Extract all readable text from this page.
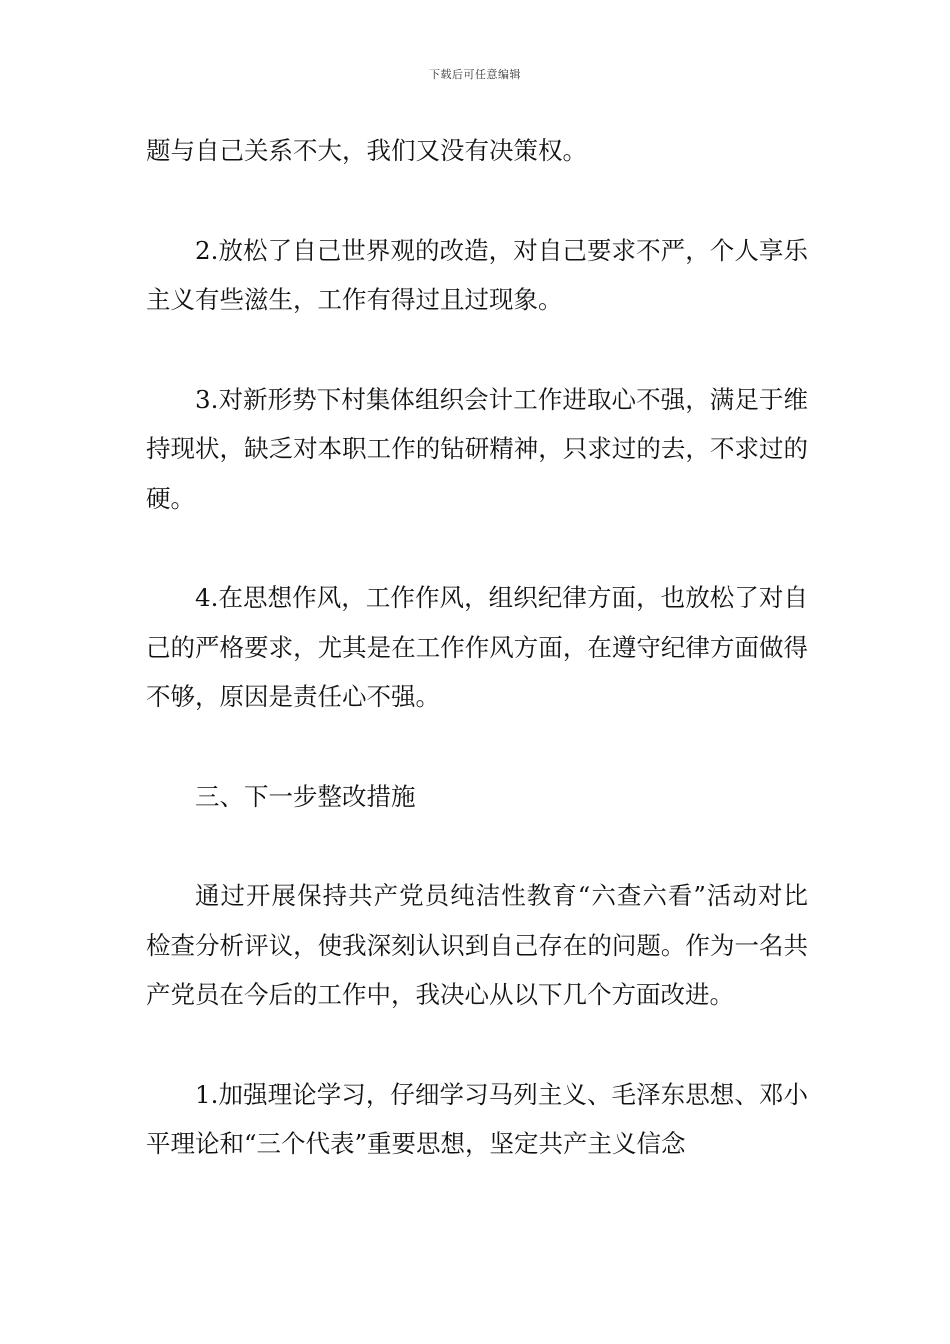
下载后可任意编辑

题与自己关系不大，我们又没有决策权。

2.放松了自己世界观的改造，对自己要求不严，个人享乐主义有些滋生，工作有得过且过现象。

3.对新形势下村集体组织会计工作进取心不强，满足于维持现状，缺乏对本职工作的钻研精神，只求过的去，不求过的硬。

4.在思想作风，工作作风，组织纪律方面，也放松了对自己的严格要求，尤其是在工作作风方面，在遵守纪律方面做得不够，原因是责任心不强。

三、下一步整改措施

通过开展保持共产党员纯洁性教育“六查六看”活动对比检查分析评议，使我深刻认识到自己存在的问题。作为一名共产党员在今后的工作中，我决心从以下几个方面改进。

1.加强理论学习，仔细学习马列主义、毛泽东思想、邓小平理论和“三个代表”重要思想，坚定共产主义信念
